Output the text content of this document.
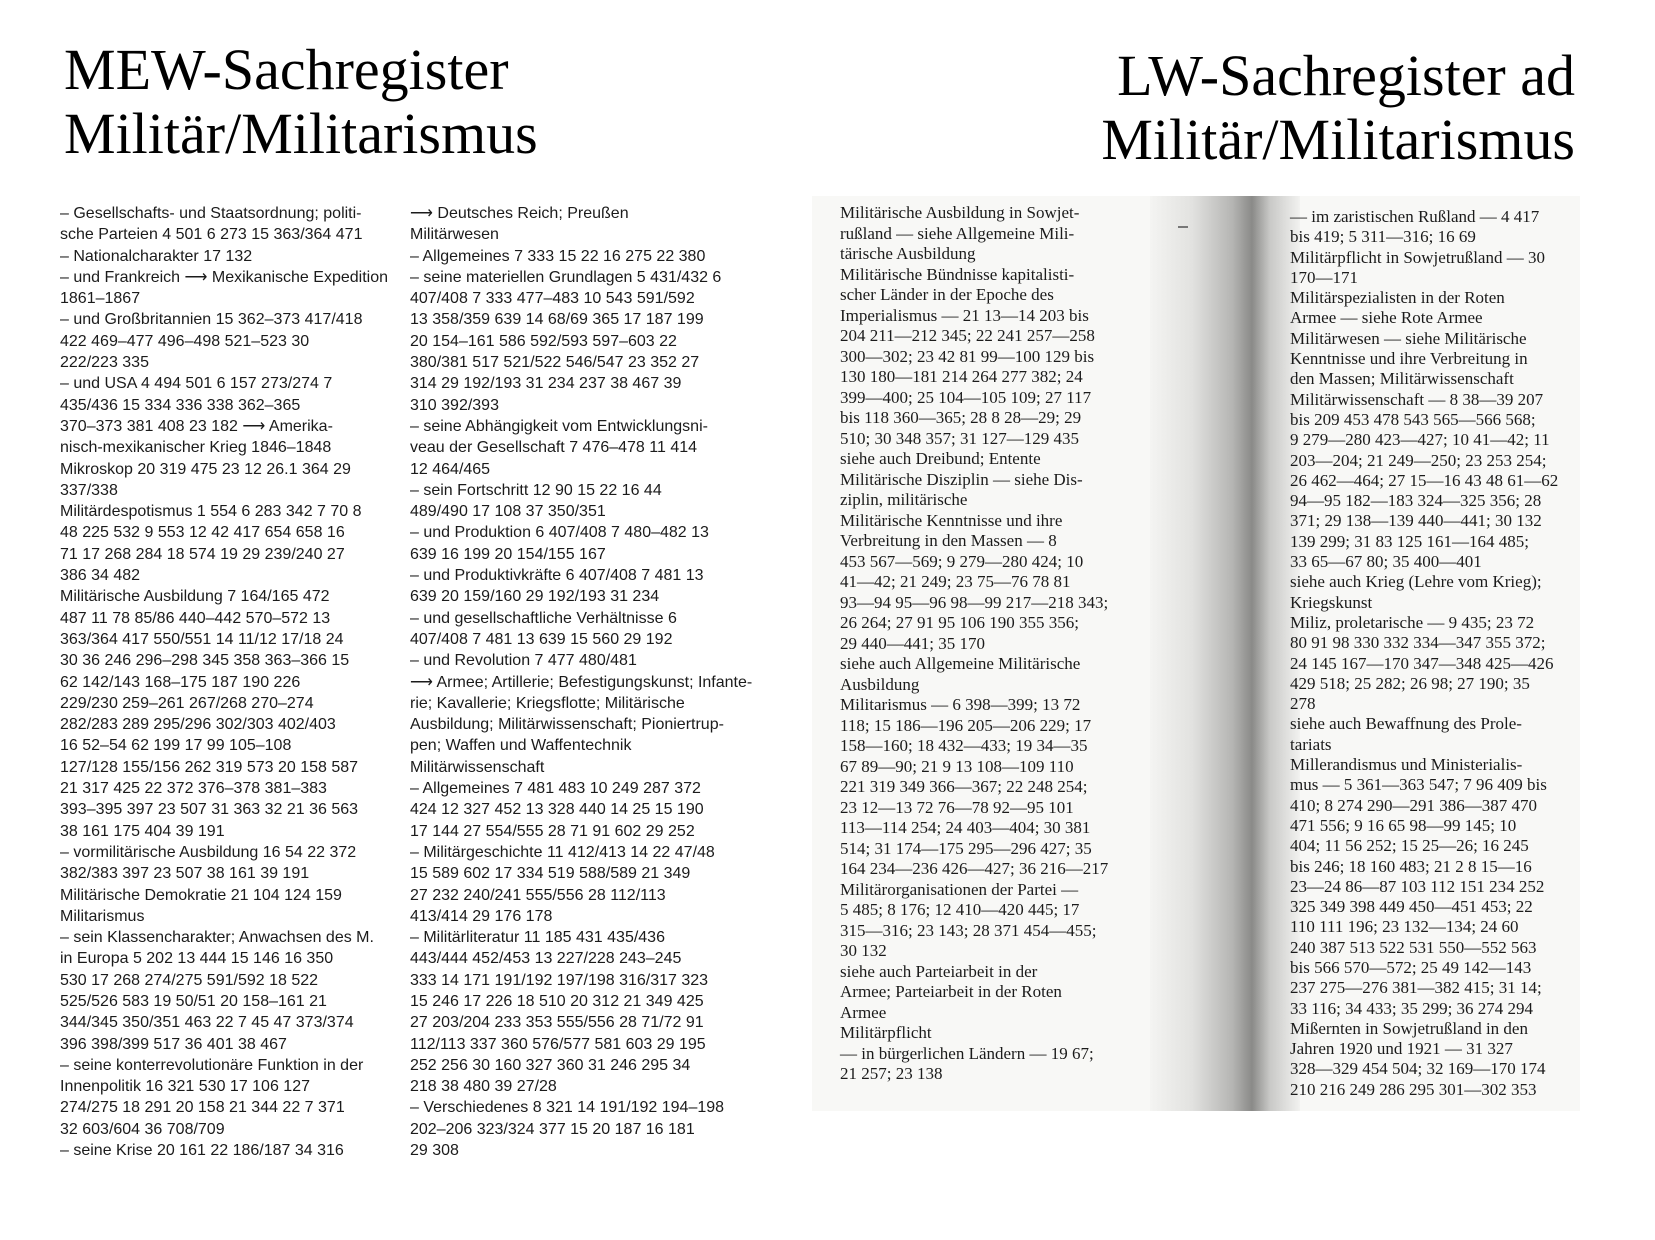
MEW-Sachregister
Militär/Militarismus
LW-Sachregister ad
Militär/Militarismus
– Gesellschafts- und Staatsordnung; politi-
sche Parteien 4 501 6 273 15 363/364 471
– Nationalcharakter 17 132
– und Frankreich ⟶ Mexikanische Expedition
1861–1867
– und Großbritannien 15 362–373 417/418
422 469–477 496–498 521–523 30
222/223 335
– und USA 4 494 501 6 157 273/274 7
435/436 15 334 336 338 362–365
370–373 381 408 23 182 ⟶ Amerika-
nisch-mexikanischer Krieg 1846–1848
Mikroskop 20 319 475 23 12 26.1 364 29
337/338
Militärdespotismus 1 554 6 283 342 7 70 8
48 225 532 9 553 12 42 417 654 658 16
71 17 268 284 18 574 19 29 239/240 27
386 34 482
Militärische Ausbildung 7 164/165 472
487 11 78 85/86 440–442 570–572 13
363/364 417 550/551 14 11/12 17/18 24
30 36 246 296–298 345 358 363–366 15
62 142/143 168–175 187 190 226
229/230 259–261 267/268 270–274
282/283 289 295/296 302/303 402/403
16 52–54 62 199 17 99 105–108
127/128 155/156 262 319 573 20 158 587
21 317 425 22 372 376–378 381–383
393–395 397 23 507 31 363 32 21 36 563
38 161 175 404 39 191
– vormilitärische Ausbildung 16 54 22 372
382/383 397 23 507 38 161 39 191
Militärische Demokratie 21 104 124 159
Militarismus
– sein Klassencharakter; Anwachsen des M.
in Europa 5 202 13 444 15 146 16 350
530 17 268 274/275 591/592 18 522
525/526 583 19 50/51 20 158–161 21
344/345 350/351 463 22 7 45 47 373/374
396 398/399 517 36 401 38 467
– seine konterrevolutionäre Funktion in der
Innenpolitik 16 321 530 17 106 127
274/275 18 291 20 158 21 344 22 7 371
32 603/604 36 708/709
– seine Krise 20 161 22 186/187 34 316
⟶ Deutsches Reich; Preußen
Militärwesen
– Allgemeines 7 333 15 22 16 275 22 380
– seine materiellen Grundlagen 5 431/432 6
407/408 7 333 477–483 10 543 591/592
13 358/359 639 14 68/69 365 17 187 199
20 154–161 586 592/593 597–603 22
380/381 517 521/522 546/547 23 352 27
314 29 192/193 31 234 237 38 467 39
310 392/393
– seine Abhängigkeit vom Entwicklungsni-
veau der Gesellschaft 7 476–478 11 414
12 464/465
– sein Fortschritt 12 90 15 22 16 44
489/490 17 108 37 350/351
– und Produktion 6 407/408 7 480–482 13
639 16 199 20 154/155 167
– und Produktivkräfte 6 407/408 7 481 13
639 20 159/160 29 192/193 31 234
– und gesellschaftliche Verhältnisse 6
407/408 7 481 13 639 15 560 29 192
– und Revolution 7 477 480/481
⟶ Armee; Artillerie; Befestigungskunst; Infante-
rie; Kavallerie; Kriegsflotte; Militärische
Ausbildung; Militärwissenschaft; Pioniertrup-
pen; Waffen und Waffentechnik
Militärwissenschaft
– Allgemeines 7 481 483 10 249 287 372
424 12 327 452 13 328 440 14 25 15 190
17 144 27 554/555 28 71 91 602 29 252
– Militärgeschichte 11 412/413 14 22 47/48
15 589 602 17 334 519 588/589 21 349
27 232 240/241 555/556 28 112/113
413/414 29 176 178
– Militärliteratur 11 185 431 435/436
443/444 452/453 13 227/228 243–245
333 14 171 191/192 197/198 316/317 323
15 246 17 226 18 510 20 312 21 349 425
27 203/204 233 353 555/556 28 71/72 91
112/113 337 360 576/577 581 603 29 195
252 256 30 160 327 360 31 246 295 34
218 38 480 39 27/28
– Verschiedenes 8 321 14 191/192 194–198
202–206 323/324 377 15 20 187 16 181
29 308
Militärische Ausbildung in Sowjet-
rußland — siehe Allgemeine Mili-
tärische Ausbildung
Militärische Bündnisse kapitalisti-
scher Länder in der Epoche des
Imperialismus — 21 13—14 203 bis
204 211—212 345; 22 241 257—258
300—302; 23 42 81 99—100 129 bis
130 180—181 214 264 277 382; 24
399—400; 25 104—105 109; 27 117
bis 118 360—365; 28 8 28—29; 29
510; 30 348 357; 31 127—129 435
siehe auch Dreibund; Entente
Militärische Disziplin — siehe Dis-
ziplin, militärische
Militärische Kenntnisse und ihre
Verbreitung in den Massen — 8
453 567—569; 9 279—280 424; 10
41—42; 21 249; 23 75—76 78 81
93—94 95—96 98—99 217—218 343;
26 264; 27 91 95 106 190 355 356;
29 440—441; 35 170
siehe auch Allgemeine Militärische
Ausbildung
Militarismus — 6 398—399; 13 72
118; 15 186—196 205—206 229; 17
158—160; 18 432—433; 19 34—35
67 89—90; 21 9 13 108—109 110
221 319 349 366—367; 22 248 254;
23 12—13 72 76—78 92—95 101
113—114 254; 24 403—404; 30 381
514; 31 174—175 295—296 427; 35
164 234—236 426—427; 36 216—217
Militärorganisationen der Partei —
5 485; 8 176; 12 410—420 445; 17
315—316; 23 143; 28 371 454—455;
30 132
siehe auch Parteiarbeit in der
Armee; Parteiarbeit in der Roten
Armee
Militärpflicht
— in bürgerlichen Ländern — 19 67;
21 257; 23 138
— im zaristischen Rußland — 4 417
bis 419; 5 311—316; 16 69
Militärpflicht in Sowjetrußland — 30
170—171
Militärspezialisten in der Roten
Armee — siehe Rote Armee
Militärwesen — siehe Militärische
Kenntnisse und ihre Verbreitung in
den Massen; Militärwissenschaft
Militärwissenschaft — 8 38—39 207
bis 209 453 478 543 565—566 568;
9 279—280 423—427; 10 41—42; 11
203—204; 21 249—250; 23 253 254;
26 462—464; 27 15—16 43 48 61—62
94—95 182—183 324—325 356; 28
371; 29 138—139 440—441; 30 132
139 299; 31 83 125 161—164 485;
33 65—67 80; 35 400—401
siehe auch Krieg (Lehre vom Krieg);
Kriegskunst
Miliz, proletarische — 9 435; 23 72
80 91 98 330 332 334—347 355 372;
24 145 167—170 347—348 425—426
429 518; 25 282; 26 98; 27 190; 35
278
siehe auch Bewaffnung des Prole-
tariats
Millerandismus und Ministerialis-
mus — 5 361—363 547; 7 96 409 bis
410; 8 274 290—291 386—387 470
471 556; 9 16 65 98—99 145; 10
404; 11 56 252; 15 25—26; 16 245
bis 246; 18 160 483; 21 2 8 15—16
23—24 86—87 103 112 151 234 252
325 349 398 449 450—451 453; 22
110 111 196; 23 132—134; 24 60
240 387 513 522 531 550—552 563
bis 566 570—572; 25 49 142—143
237 275—276 381—382 415; 31 14;
33 116; 34 433; 35 299; 36 274 294
Mißernten in Sowjetrußland in den
Jahren 1920 und 1921 — 31 327
328—329 454 504; 32 169—170 174
210 216 249 286 295 301—302 353
